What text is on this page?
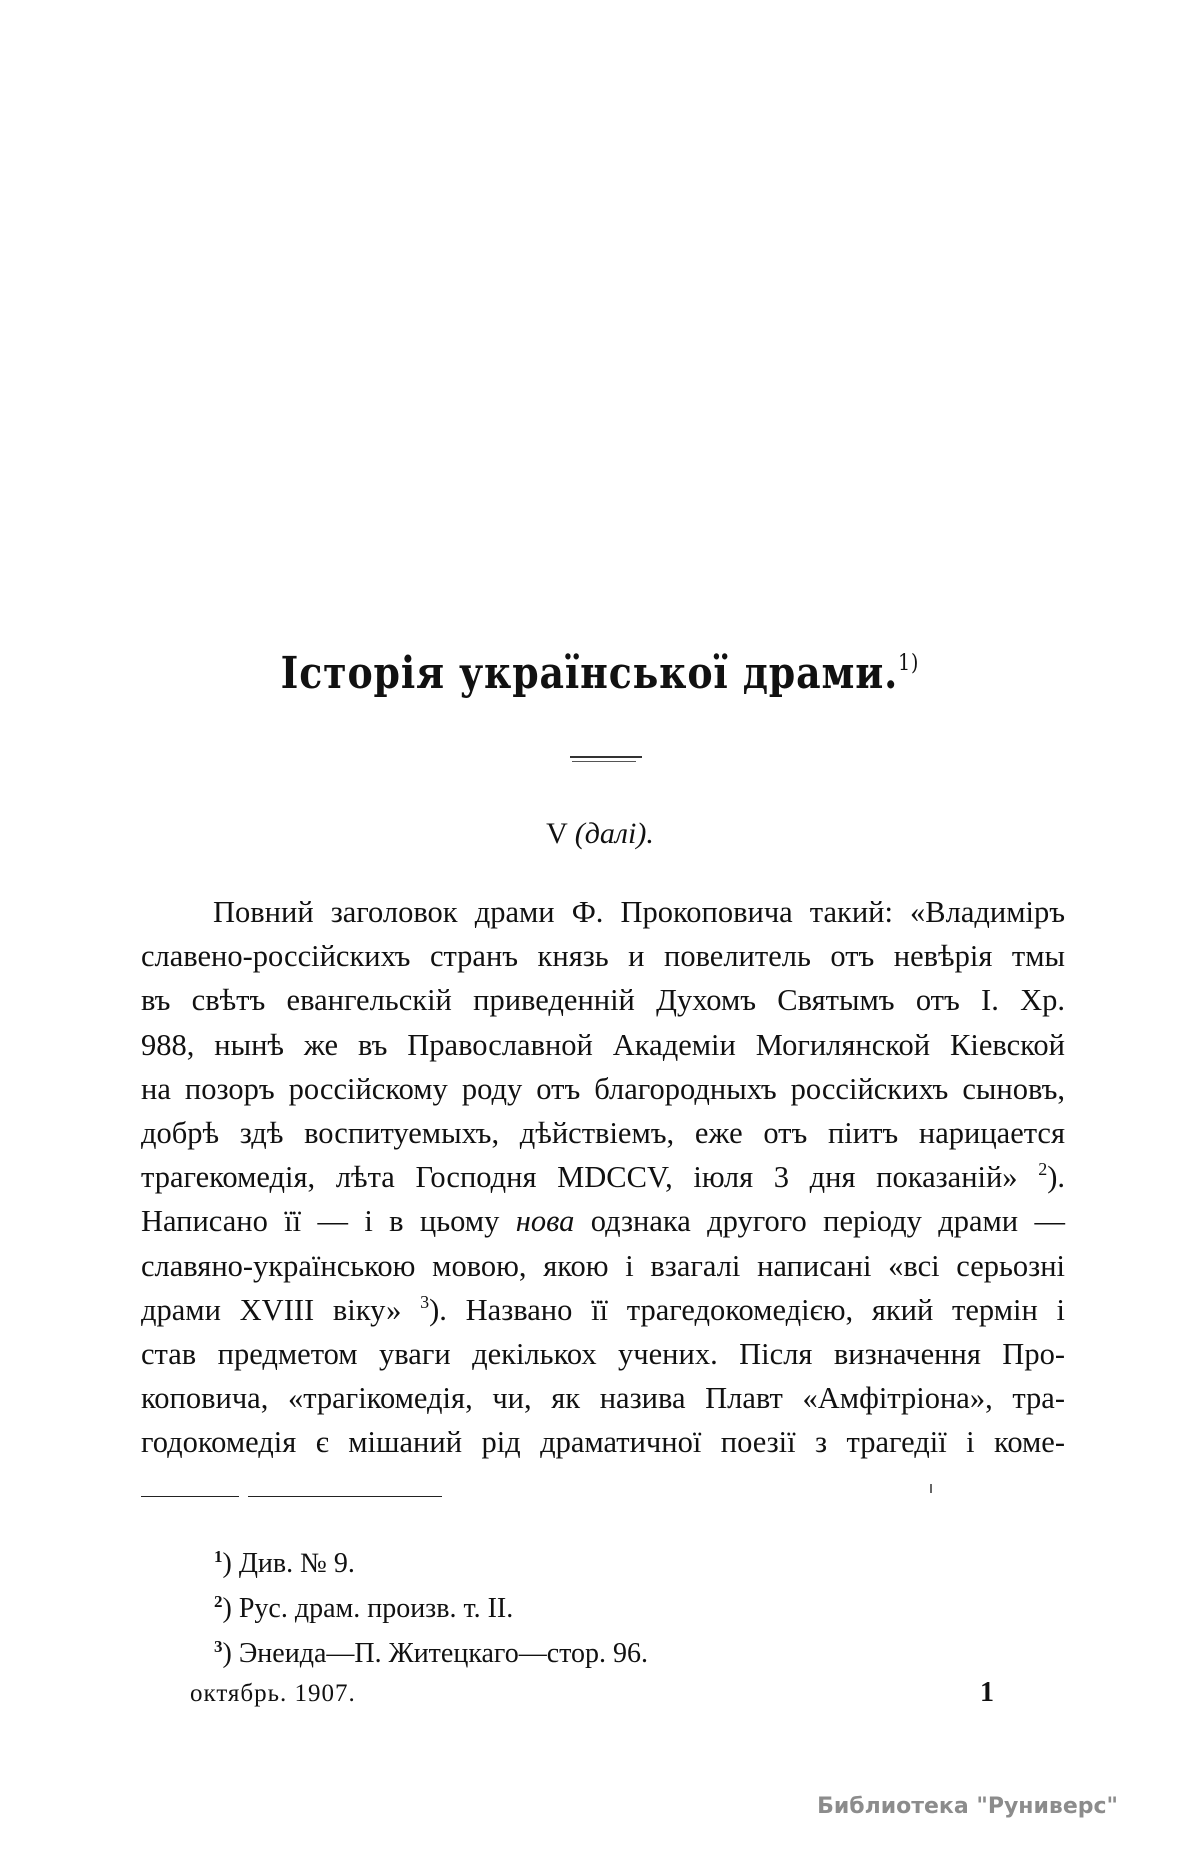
Історія української драми.$^{1)}$
V (далі).
Повний заголовок драми Ф. Прокоповича такий: «Владиміръ
славено-россійскихъ странъ князь и повелитель отъ невѣрія тмы
въ свѣтъ евангельскій приведенній Духомъ Святымъ отъ І. Хр.
988, нынѣ же въ Православной Академіи Могилянской Кіевской
на позоръ россійскому роду отъ благородныхъ россійскихъ сыновъ,
добрѣ здѣ воспитуемыхъ, дѣйствіемъ, еже отъ піитъ нарицается
трагекомедія, лѣта Господня MDCCV, іюля 3 дня показаній» $^2$).
Написано її — і в цьому нова одзнака другого періоду драми —
славяно-українською мовою, якою і взагалі написані «всі серьозні
драми XVIII віку» $^3$). Названо її трагедокомедією, який термін і
став предметом уваги декількох учених. Після визначення Про-
коповича, «трагікомедія, чи, як назива Плавт «Амфітріона», тра-
годокомедія є мішаний рід драматичної поезії з трагедії і коме-
$^1$) Див. № 9.
$^2$) Рус. драм. произв. т. II.
$^3$) Энеида—П. Житецкаго—стор. 96.
октябрь. 1907.	1
Библиотека "Руниверс"
